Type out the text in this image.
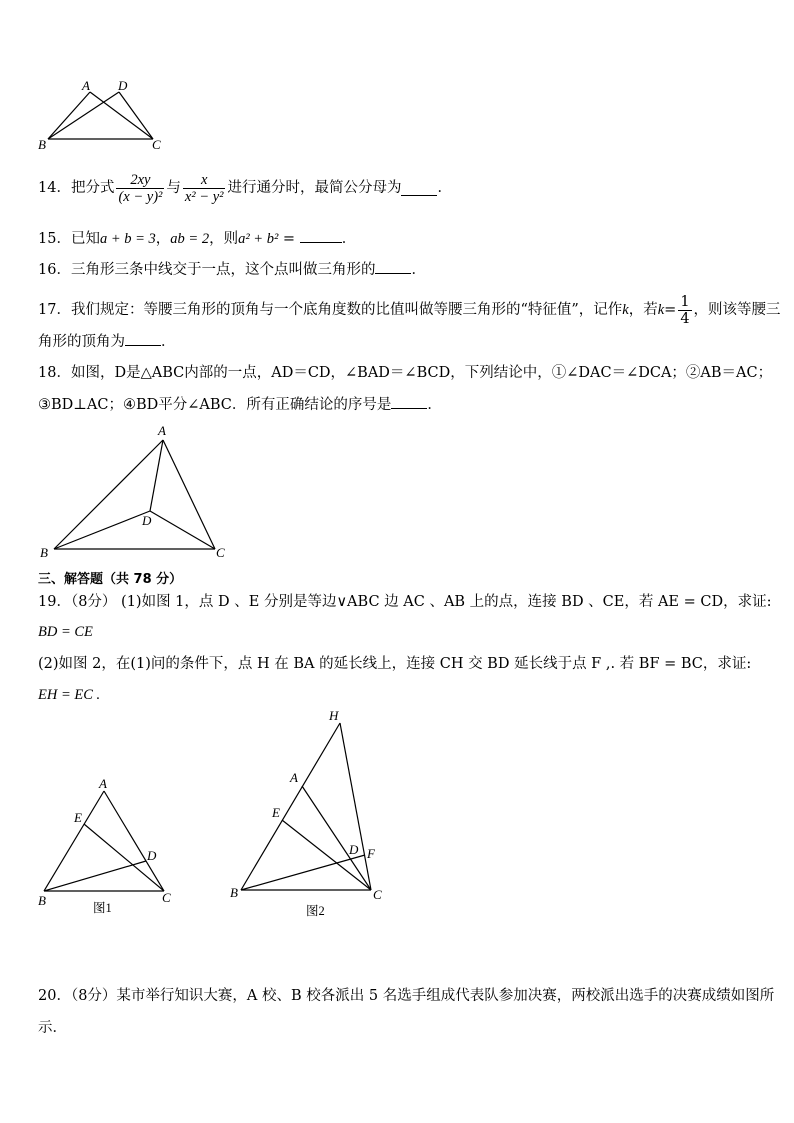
A D
B	C
14．把分式 $\frac{2xy}{\text{(x − y)²}}$ 与 $\frac{x}{\text{x² − y²}}$ 进行通分时，最简公分母为 ．
15．已知a + b = 3，ab = 2，则a² + b² =	．
16．三角形三条中线交于一点，这个点叫做三角形的 ．
17．我们规定：等腰三角形的顶角与一个底角度数的比值叫做等腰三角形的“特征值”，记作 k ，若 $k = \frac{1}{4}$ ，则该等腰三
角形的顶角为 ．
18．如图，D是△ABC内部的一点，AD＝CD，∠BAD＝∠BCD，下列结论中，①∠DAC＝∠DCA；②AB＝AC；
③BD⊥AC；④BD平分∠ABC．所有正确结论的序号是 ．
A
D
B	C
三、解答题（共 78 分）
19．（8分） (1)如图 1，点 D 、E 分别是等边∨ABC 边 AC 、AB 上的点，连接 BD 、CE，若 AE = CD，求证:
BD = CE
(2)如图 2，在(1)问的条件下，点 H 在 BA 的延长线上，连接 CH 交 BD 延长线于点 F ,. 若 BF = BC，求证:
EH = EC .
A
E
D
B	C
图1
H
A
E
D F
B	C
图2
20．（8分）某市举行知识大赛，A 校、B 校各派出 5 名选手组成代表队参加决赛，两校派出选手的决赛成绩如图所
示．
